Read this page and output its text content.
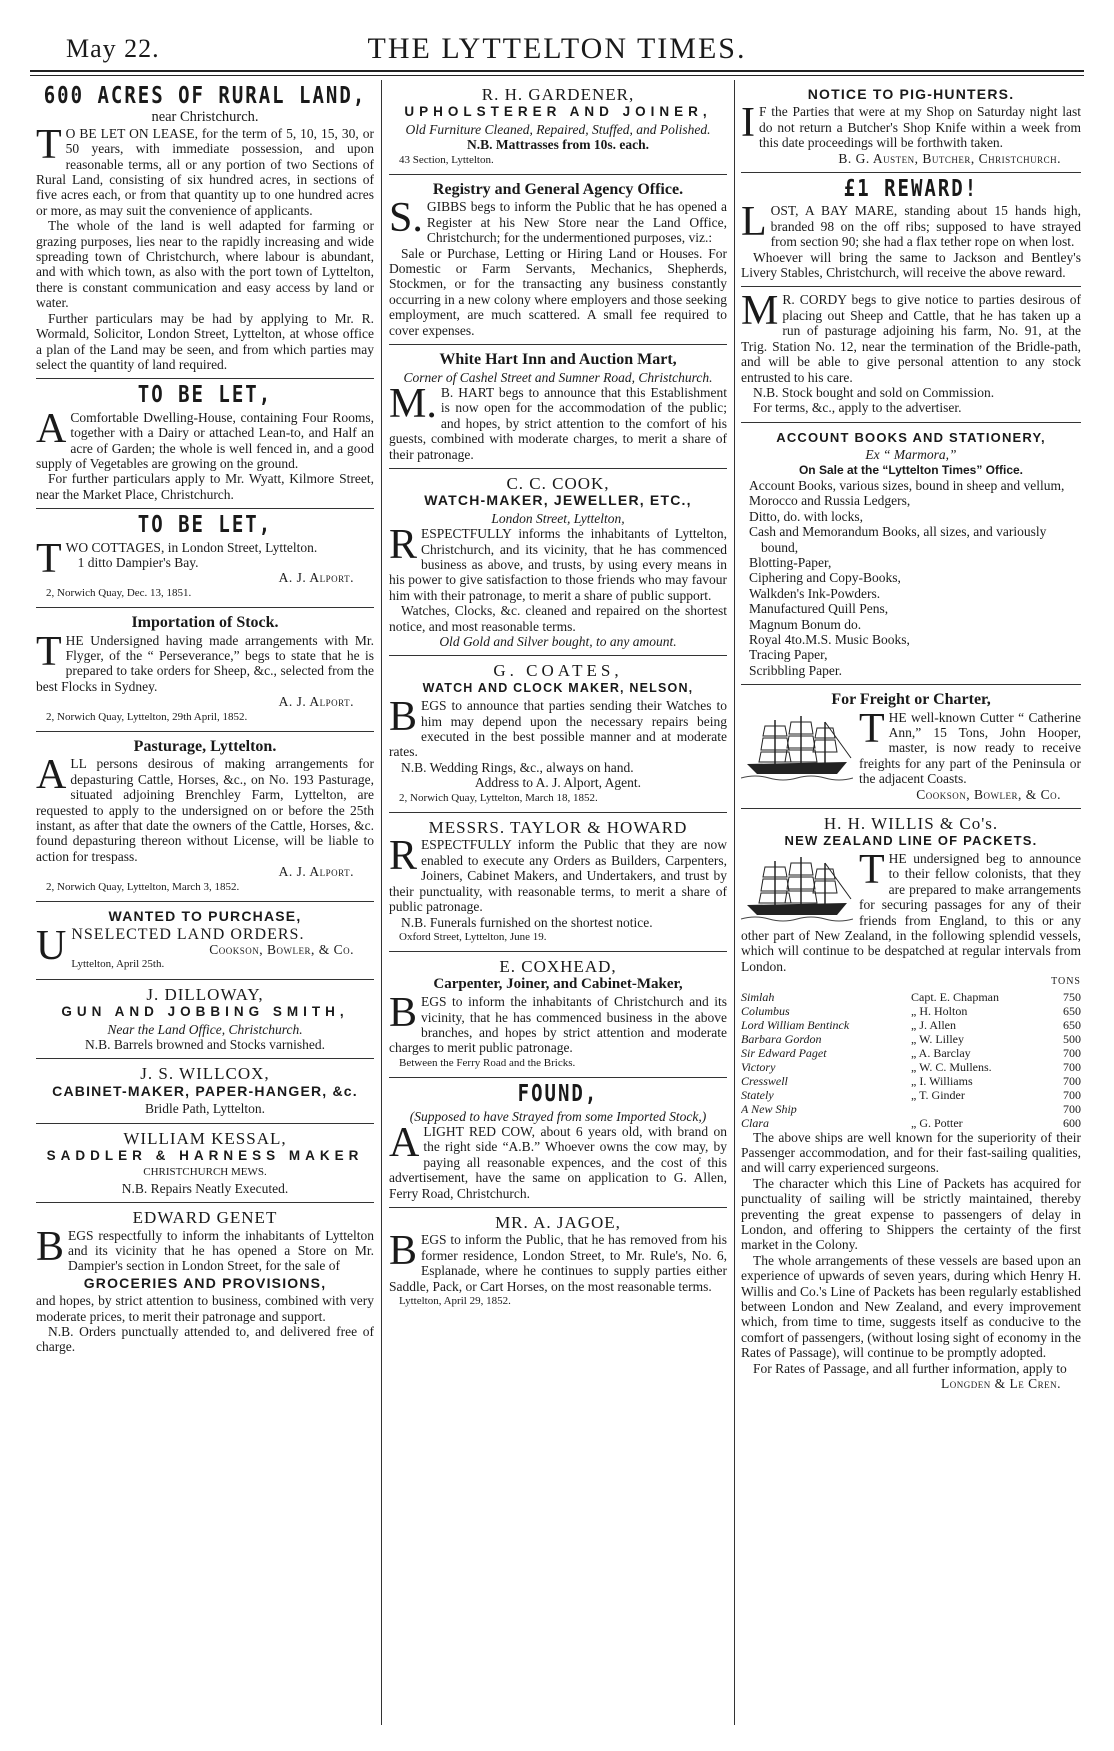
May 22.	THE LYTTELTON TIMES.
600 ACRES OF RURAL LAND,
near Christchurch.

TO BE LET ON LEASE, for the term of 5, 10, 15, 30, or 50 years, with immediate possession, and upon reasonable terms, all or any portion of two Sections of Rural Land, consisting of six hundred acres, in sections of five acres each, or from that quantity up to one hundred acres or more, as may suit the convenience of applicants.

The whole of the land is well adapted for farming or grazing purposes, lies near to the rapidly increasing and wide spreading town of Christchurch, where labour is abundant, and with which town, as also with the port town of Lyttelton, there is constant communication and easy access by land or water.

Further particulars may be had by applying to Mr. R. Wormald, Solicitor, London Street, Lyttelton, at whose office a plan of the Land may be seen, and from which parties may select the quantity of land required.

TO BE LET,

AComfortable Dwelling-House, containing Four Rooms, together with a Dairy or attached Lean-to, and Half an acre of Garden; the whole is well fenced in, and a good supply of Vegetables are growing on the ground.

For further particulars apply to Mr. Wyatt, Kilmore Street, near the Market Place, Christchurch.

TO BE LET,

TWO COTTAGES, in London Street, Lyttelton.

1 ditto Dampier's Bay.

A. J. Alport.
2, Norwich Quay, Dec. 13, 1851.
Importation of Stock.

THE Undersigned having made arrangements with Mr. Flyger, of the “ Perseverance,” begs to state that he is prepared to take orders for Sheep, &c., selected from the best Flocks in Sydney.

A. J. Alport.
2, Norwich Quay, Lyttelton, 29th April, 1852.
Pasturage, Lyttelton.

ALL persons desirous of making arrangements for depasturing Cattle, Horses, &c., on No. 193 Pasturage, situated adjoining Brenchley Farm, Lyttelton, are requested to apply to the undersigned on or before the 25th instant, as after that date the owners of the Cattle, Horses, &c. found depasturing thereon without License, will be liable to action for trespass.

A. J. Alport.
2, Norwich Quay, Lyttelton, March 3, 1852.
WANTED TO PURCHASE,

UNSELECTED LAND ORDERS.

Cookson, Bowler, & Co.
Lyttelton, April 25th.
J. DILLOWAY,
GUN AND JOBBING SMITH,
Near the Land Office, Christchurch.
N.B. Barrels browned and Stocks varnished.
J. S. WILLCOX,
CABINET-MAKER, PAPER-HANGER, &c.
Bridle Path, Lyttelton.
WILLIAM KESSAL,
SADDLER & HARNESS MAKER
CHRISTCHURCH MEWS.
N.B. Repairs Neatly Executed.
EDWARD GENET

BEGS respectfully to inform the inhabitants of Lyttelton and its vicinity that he has opened a Store on Mr. Dampier's section in London Street, for the sale of

GROCERIES AND PROVISIONS,

and hopes, by strict attention to business, combined with very moderate prices, to merit their patronage and support.

N.B. Orders punctually attended to, and delivered free of charge.

R. H. GARDENER,
UPHOLSTERER AND JOINER,
Old Furniture Cleaned, Repaired, Stuffed, and Polished.
N.B. Mattrasses from 10s. each.
43 Section, Lyttelton.
Registry and General Agency Office.

S.GIBBS begs to inform the Public that he has opened a Register at his New Store near the Land Office, Christchurch; for the undermentioned purposes, viz.:

Sale or Purchase, Letting or Hiring Land or Houses. For Domestic or Farm Servants, Mechanics, Shepherds, Stockmen, or for the transacting any business constantly occurring in a new colony where employers and those seeking employment, are much scattered. A small fee required to cover expenses.

White Hart Inn and Auction Mart,
Corner of Cashel Street and Sumner Road, Christchurch.

M.B. HART begs to announce that this Establishment is now open for the accommodation of the public; and hopes, by strict attention to the comfort of his guests, combined with moderate charges, to merit a share of their patronage.

C. C. COOK,
WATCH-MAKER, JEWELLER, ETC.,
London Street, Lyttelton,

RESPECTFULLY informs the inhabitants of Lyttelton, Christchurch, and its vicinity, that he has commenced business as above, and trusts, by using every means in his power to give satisfaction to those friends who may favour him with their patronage, to merit a share of public support.

Watches, Clocks, &c. cleaned and repaired on the shortest notice, and most reasonable terms.

Old Gold and Silver bought, to any amount.
G. COATES,
WATCH AND CLOCK MAKER, NELSON,

BEGS to announce that parties sending their Watches to him may depend upon the necessary repairs being executed in the best possible manner and at moderate rates.

N.B. Wedding Rings, &c., always on hand.

Address to A. J. Alport, Agent.
2, Norwich Quay, Lyttelton, March 18, 1852.
MESSRS. TAYLOR & HOWARD

RESPECTFULLY inform the Public that they are now enabled to execute any Orders as Builders, Carpenters, Joiners, Cabinet Makers, and Undertakers, and trust by their punctuality, with reasonable terms, to merit a share of public patronage.

N.B. Funerals furnished on the shortest notice.

Oxford Street, Lyttelton, June 19.
E. COXHEAD,
Carpenter, Joiner, and Cabinet-Maker,

BEGS to inform the inhabitants of Christchurch and its vicinity, that he has commenced business in the above branches, and hopes by strict attention and moderate charges to merit public patronage.

Between the Ferry Road and the Bricks.
FOUND,
(Supposed to have Strayed from some Imported Stock,)

ALIGHT RED COW, about 6 years old, with brand on the right side “A.B.” Whoever owns the cow may, by paying all reasonable expences, and the cost of this advertisement, have the same on application to G. Allen, Ferry Road, Christchurch.

MR. A. JAGOE,

BEGS to inform the Public, that he has removed from his former residence, London Street, to Mr. Rule's, No. 6, Esplanade, where he continues to supply parties either Saddle, Pack, or Cart Horses, on the most reasonable terms.

Lyttelton, April 29, 1852.
NOTICE TO PIG-HUNTERS.

IF the Parties that were at my Shop on Saturday night last do not return a Butcher's Shop Knife within a week from this date proceedings will be forthwith taken.

B. G. Austen, Butcher, Christchurch.
£1 REWARD!

LOST, A BAY MARE, standing about 15 hands high, branded 98 on the off ribs; supposed to have strayed from section 90; she had a flax tether rope on when lost.

Whoever will bring the same to Jackson and Bentley's Livery Stables, Christchurch, will receive the above reward.

MR. CORDY begs to give notice to parties desirous of placing out Sheep and Cattle, that he has taken up a run of pasturage adjoining his farm, No. 91, at the Trig. Station No. 12, near the termination of the Bridle-path, and will be able to give personal attention to any stock entrusted to his care.

N.B. Stock bought and sold on Commission.

For terms, &c., apply to the advertiser.

ACCOUNT BOOKS AND STATIONERY,
Ex “ Marmora,”
On Sale at the “Lyttelton Times” Office.
Account Books, various sizes, bound in sheep and vellum,
Morocco and Russia Ledgers,
Ditto, do. with locks,
Cash and Memorandum Books, all sizes, and variously bound,
Blotting-Paper,
Ciphering and Copy-Books,
Walkden's Ink-Powders.
Manufactured Quill Pens,
Magnum Bonum do.
Royal 4to.M.S. Music Books,
Tracing Paper,
Scribbling Paper.
For Freight or Charter,

THE well-known Cutter “ Catherine Ann,” 15 Tons, John Hooper, master, is now ready to receive freights for any part of the Peninsula or the adjacent Coasts.

Cookson, Bowler, & Co.
H. H. WILLIS & Co's.
NEW ZEALAND LINE OF PACKETS.

THE undersigned beg to announce to their fellow colonists, that they are prepared to make arrangements for securing passages for any of their friends from England, to this or any other part of New Zealand, in the following splendid vessels, which will continue to be despatched at regular intervals from London.

TONS
Simlah	Capt. E. Chapman	750
Columbus	„ H. Holton	650
Lord William Bentinck	„ J. Allen	650
Barbara Gordon	„ W. Lilley	500
Sir Edward Paget	„ A. Barclay	700
Victory	„ W. C. Mullens.	700
Cresswell	„ I. Williams	700
Stately	„ T. Ginder	700
A New Ship		700
Clara	„ G. Potter	600

The above ships are well known for the superiority of their Passenger accommodation, and for their fast-sailing qualities, and will carry experienced surgeons.

The character which this Line of Packets has acquired for punctuality of sailing will be strictly maintained, thereby preventing the great expense to passengers of delay in London, and offering to Shippers the certainty of the first market in the Colony.

The whole arrangements of these vessels are based upon an experience of upwards of seven years, during which Henry H. Willis and Co.'s Line of Packets has been regularly established between London and New Zealand, and every improvement which, from time to time, suggests itself as conducive to the comfort of passengers, (without losing sight of economy in the Rates of Passage), will continue to be promptly adopted.

For Rates of Passage, and all further information, apply to

Longden & Le Cren.
